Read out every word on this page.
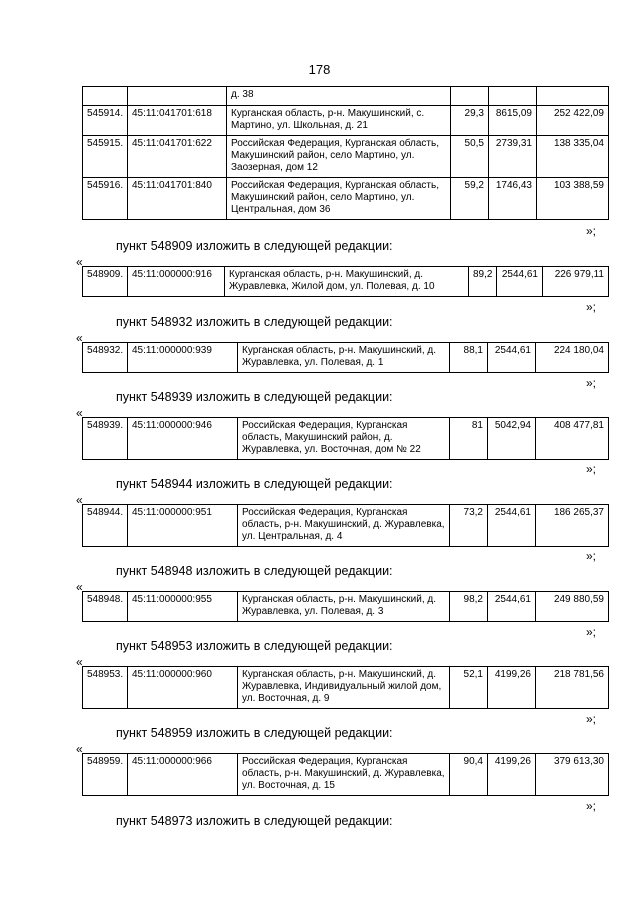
178
		д. 38			
545914.	45:11:041701:618	Курганская область, р-н. Макушинский, с. Мартино, ул. Школьная, д. 21	29,3	8615,09	252 422,09
545915.	45:11:041701:622	Российская Федерация, Курганская область, Макушинский район, село Мартино, ул. Заозерная, дом 12	50,5	2739,31	138 335,04
545916.	45:11:041701:840	Российская Федерация, Курганская область, Макушинский район, село Мартино, ул. Центральная, дом 36	59,2	1746,43	103 388,59
»;
пункт 548909 изложить в следующей редакции:
«
548909.	45:11:000000:916	Курганская область, р-н. Макушинский, д. Журавлевка, Жилой дом, ул. Полевая, д. 10	89,2	2544,61	226 979,11
»;
пункт 548932 изложить в следующей редакции:
«
548932.	45:11:000000:939	Курганская область, р-н. Макушинский, д. Журавлевка, ул. Полевая, д. 1	88,1	2544,61	224 180,04
»;
пункт 548939 изложить в следующей редакции:
«
548939.	45:11:000000:946	Российская Федерация, Курганская область, Макушинский район, д. Журавлевка, ул. Восточная, дом № 22	81	5042,94	408 477,81
»;
пункт 548944 изложить в следующей редакции:
«
548944.	45:11:000000:951	Российская Федерация, Курганская область, р-н. Макушинский, д. Журавлевка, ул. Центральная, д. 4	73,2	2544,61	186 265,37
»;
пункт 548948 изложить в следующей редакции:
«
548948.	45:11:000000:955	Курганская область, р-н. Макушинский, д. Журавлевка, ул. Полевая, д. 3	98,2	2544,61	249 880,59
»;
пункт 548953 изложить в следующей редакции:
«
548953.	45:11:000000:960	Курганская область, р-н. Макушинский, д. Журавлевка, Индивидуальный жилой дом, ул. Восточная, д. 9	52,1	4199,26	218 781,56
»;
пункт 548959 изложить в следующей редакции:
«
548959.	45:11:000000:966	Российская Федерация, Курганская область, р-н. Макушинский, д. Журавлевка, ул. Восточная, д. 15	90,4	4199,26	379 613,30
»;
пункт 548973 изложить в следующей редакции:
